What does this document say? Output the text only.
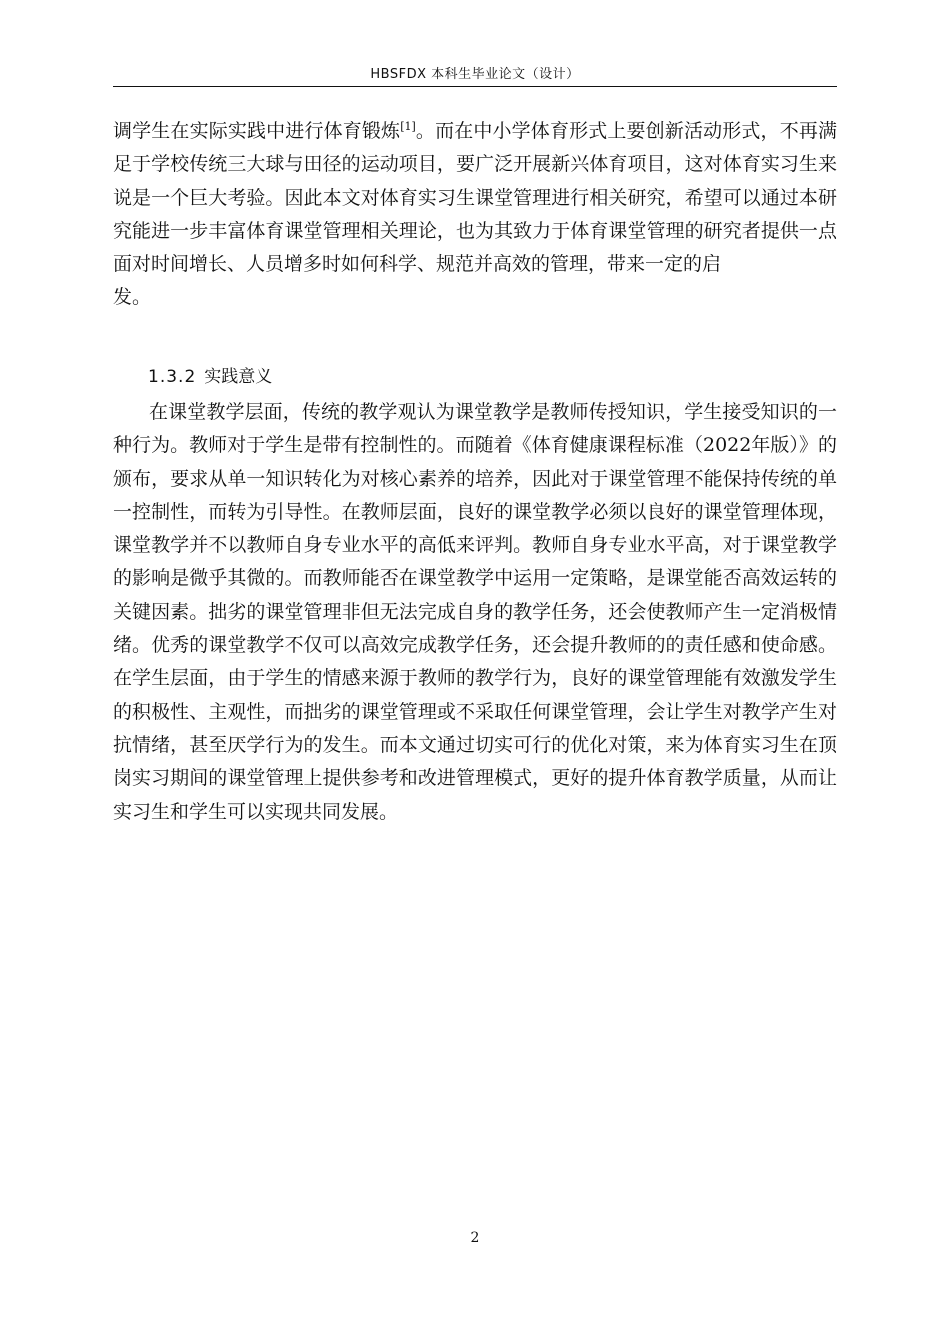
HBSFDX 本科生毕业论文（设计）

调学生在实际实践中进行体育锻炼[1]。而在中小学体育形式上要创新活动形式，不再满足于学校传统三大球与田径的运动项目，要广泛开展新兴体育项目，这对体育实习生来说是一个巨大考验。因此本文对体育实习生课堂管理进行相关研究，希望可以通过本研究能进一步丰富体育课堂管理相关理论，也为其致力于体育课堂管理的研究者提供一点面对时间增长、人员增多时如何科学、规范并高效的管理，带来一定的启
发。

1.3.2 实践意义

在课堂教学层面，传统的教学观认为课堂教学是教师传授知识，学生接受知识的一种行为。教师对于学生是带有控制性的。而随着《体育健康课程标准（2022年版）》的颁布，要求从单一知识转化为对核心素养的培养，因此对于课堂管理不能保持传统的单一控制性，而转为引导性。在教师层面，良好的课堂教学必须以良好的课堂管理体现，课堂教学并不以教师自身专业水平的高低来评判。教师自身专业水平高，对于课堂教学的影响是微乎其微的。而教师能否在课堂教学中运用一定策略，是课堂能否高效运转的关键因素。拙劣的课堂管理非但无法完成自身的教学任务，还会使教师产生一定消极情绪。优秀的课堂教学不仅可以高效完成教学任务，还会提升教师的的责任感和使命感。在学生层面，由于学生的情感来源于教师的教学行为，良好的课堂管理能有效激发学生的积极性、主观性，而拙劣的课堂管理或不采取任何课堂管理，会让学生对教学产生对抗情绪，甚至厌学行为的发生。而本文通过切实可行的优化对策，来为体育实习生在顶岗实习期间的课堂管理上提供参考和改进管理模式，更好的提升体育教学质量，从而让实习生和学生可以实现共同发展。

2
